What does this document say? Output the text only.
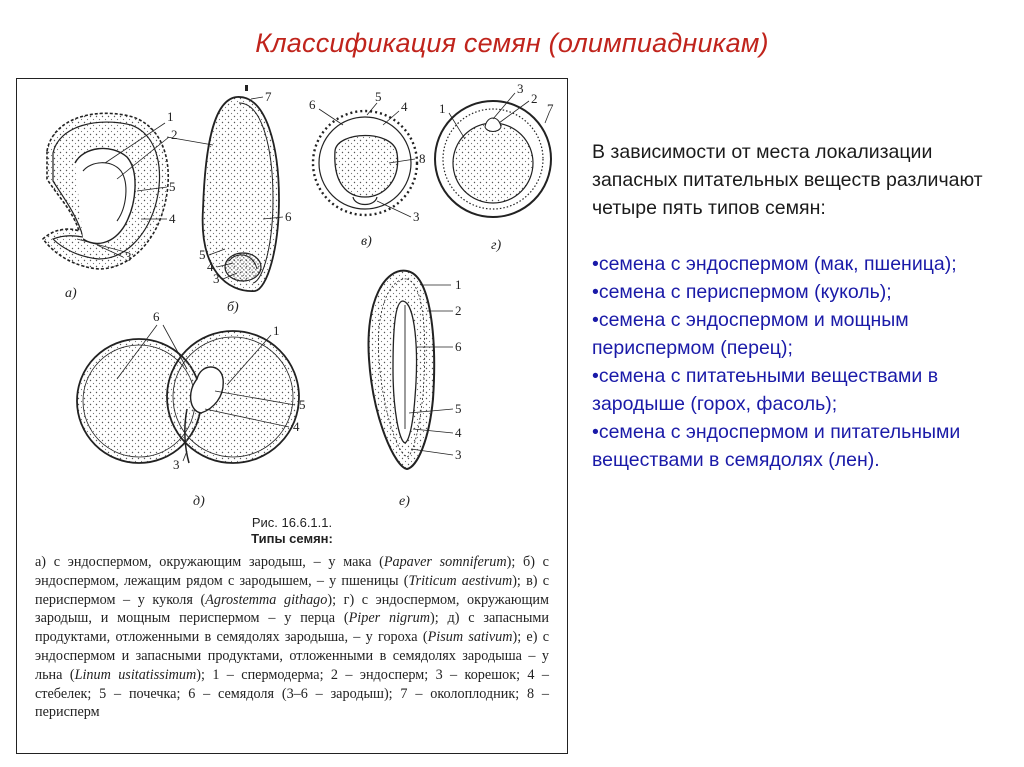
Классификация семян (олимпиадникам)
1
2
5
4
3
7
6
5
4
3
6
5
4
8
3
1
3
2
7
6
1
5
4
3
1
2
6
5
4
3
а)
б)
в)	г)
д)	е)
Рис. 16.6.1.1.
Типы семян:

а) с эндоспермом, окружающим зародыш, – у мака (Papaver somniferum); б) с эндоспермом, лежащим рядом с зародышем, – у пшеницы (Triticum aestivum); в) с периспермом – у куколя (Agrostemma githago); г) с эндоспермом, окружающим зародыш, и мощным периспермом – у перца (Piper nigrum); д) с запасными продуктами, отложенными в семядолях зародыша, – у гороха (Pisum sativum); е) с эндоспермом и запасными продуктами, отложенными в семядолях зародыша – у льна (Linum usitatissimum); 1 – спермодерма; 2 – эндосперм; 3 – корешок; 4 – стебелек; 5 – почечка; 6 – семядоля (3–6 – зародыш); 7 – околоплодник; 8 – перисперм

В зависимости от места локализации запасных питательных веществ различают четыре пять типов семян:

•семена с эндоспермом (мак, пшеница);
•семена с периспермом (куколь);
•семена с эндоспермом и мощным периспермом (перец);
•семена с питатеьными веществами в зародыше (горох, фасоль);
•семена с эндоспермом и питательными веществами в семядолях (лен).
